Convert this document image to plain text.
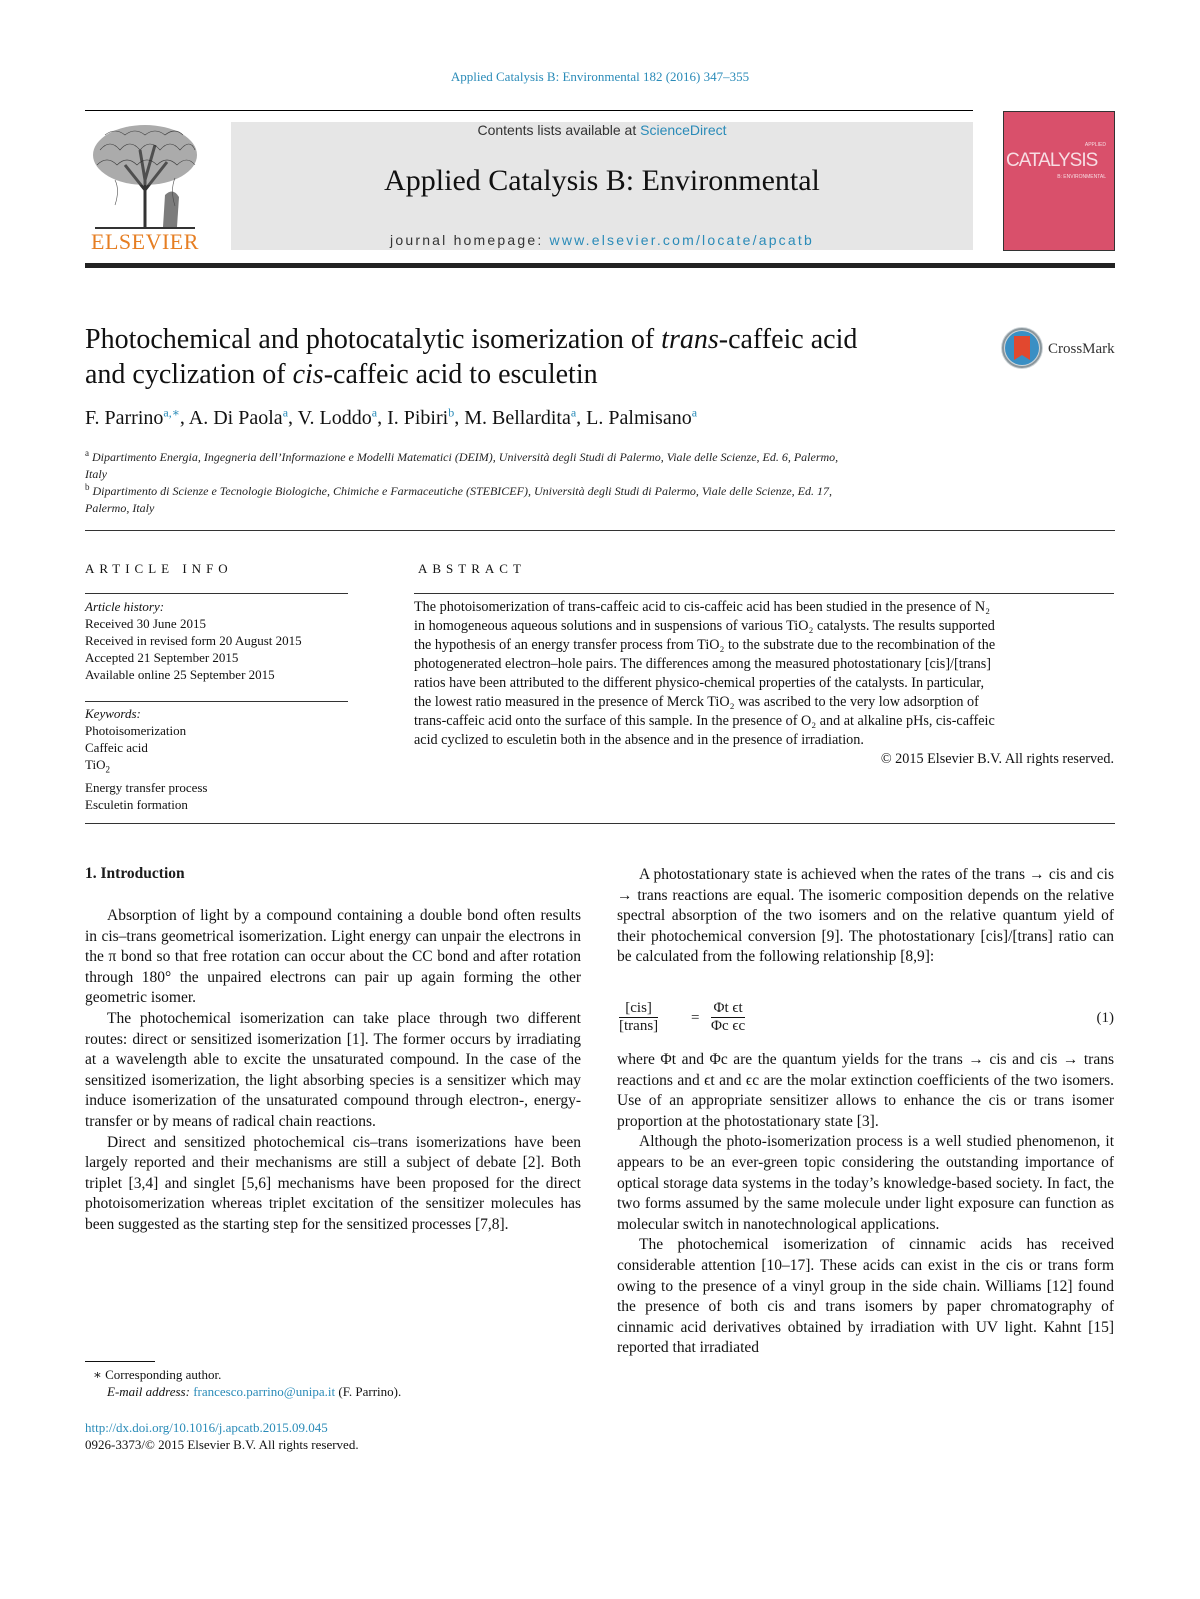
Applied Catalysis B: Environmental 182 (2016) 347–355
ELSEVIER
Contents lists available at ScienceDirect
Applied Catalysis B: Environmental
journal homepage: www.elsevier.com/locate/apcatb
APPLIED
CATALYSIS
B: ENVIRONMENTAL
Photochemical and photocatalytic isomerization of trans-caffeic acid
and cyclization of cis-caffeic acid to esculetin
CrossMark
F. Parrino$^{a,∗}$, A. Di Paola$^a$, V. Loddo$^a$, I. Pibiri$^b$, M. Bellardita$^a$, L. Palmisano$^a$
$^a$ Dipartimento Energia, Ingegneria dell’Informazione e Modelli Matematici (DEIM), Università degli Studi di Palermo, Viale delle Scienze, Ed. 6, Palermo,
Italy
$^b$ Dipartimento di Scienze e Tecnologie Biologiche, Chimiche e Farmaceutiche (STEBICEF), Università degli Studi di Palermo, Viale delle Scienze, Ed. 17,
Palermo, Italy
ARTICLE INFO
Article history:
Received 30 June 2015
Received in revised form 20 August 2015
Accepted 21 September 2015
Available online 25 September 2015
Keywords:
Photoisomerization
Caffeic acid
TiO$_2$
Energy transfer process
Esculetin formation
ABSTRACT
The photoisomerization of trans-caffeic acid to cis-caffeic acid has been studied in the presence of N₂
in homogeneous aqueous solutions and in suspensions of various TiO₂ catalysts. The results supported
the hypothesis of an energy transfer process from TiO₂ to the substrate due to the recombination of the
photogenerated electron–hole pairs. The differences among the measured photostationary [cis]/[trans]
ratios have been attributed to the different physico-chemical properties of the catalysts. In particular,
the lowest ratio measured in the presence of Merck TiO₂ was ascribed to the very low adsorption of
trans-caffeic acid onto the surface of this sample. In the presence of O₂ and at alkaline pHs, cis-caffeic
acid cyclized to esculetin both in the absence and in the presence of irradiation.
© 2015 Elsevier B.V. All rights reserved.
1. Introduction

Absorption of light by a compound containing a double bond often results in cis–trans geometrical isomerization. Light energy can unpair the electrons in the π bond so that free rotation can occur about the CC bond and after rotation through 180° the unpaired electrons can pair up again forming the other geometric isomer.

The photochemical isomerization can take place through two different routes: direct or sensitized isomerization [1]. The former occurs by irradiating at a wavelength able to excite the unsaturated compound. In the case of the sensitized isomerization, the light absorbing species is a sensitizer which may induce isomerization of the unsaturated compound through electron-, energy-transfer or by means of radical chain reactions.

Direct and sensitized photochemical cis–trans isomerizations have been largely reported and their mechanisms are still a subject of debate [2]. Both triplet [3,4] and singlet [5,6] mechanisms have been proposed for the direct photoisomerization whereas triplet excitation of the sensitizer molecules has been suggested as the starting step for the sensitized processes [7,8].

A photostationary state is achieved when the rates of the trans → cis and cis → trans reactions are equal. The isomeric composition depends on the relative spectral absorption of the two isomers and on the relative quantum yield of their photochemical conversion [9]. The photostationary [cis]/[trans] ratio can be calculated from the following relationship [8,9]:

[cis]
[trans] = $\frac{\text{Φt ϵt}}{\text{Φc ϵc}}$	(1)

where Φt and Φc are the quantum yields for the trans → cis and cis → trans reactions and ϵt and ϵc are the molar extinction coefficients of the two isomers. Use of an appropriate sensitizer allows to enhance the cis or trans isomer proportion at the photostationary state [3].

Although the photo-isomerization process is a well studied phenomenon, it appears to be an ever-green topic considering the outstanding importance of optical storage data systems in the today’s knowledge-based society. In fact, the two forms assumed by the same molecule under light exposure can function as molecular switch in nanotechnological applications.

The photochemical isomerization of cinnamic acids has received considerable attention [10–17]. These acids can exist in the cis or trans form owing to the presence of a vinyl group in the side chain. Williams [12] found the presence of both cis and trans isomers by paper chromatography of cinnamic acid derivatives obtained by irradiation with UV light. Kahnt [15] reported that irradiated

∗ Corresponding author.
E-mail address: francesco.parrino@unipa.it (F. Parrino).
http://dx.doi.org/10.1016/j.apcatb.2015.09.045
0926-3373/© 2015 Elsevier B.V. All rights reserved.
